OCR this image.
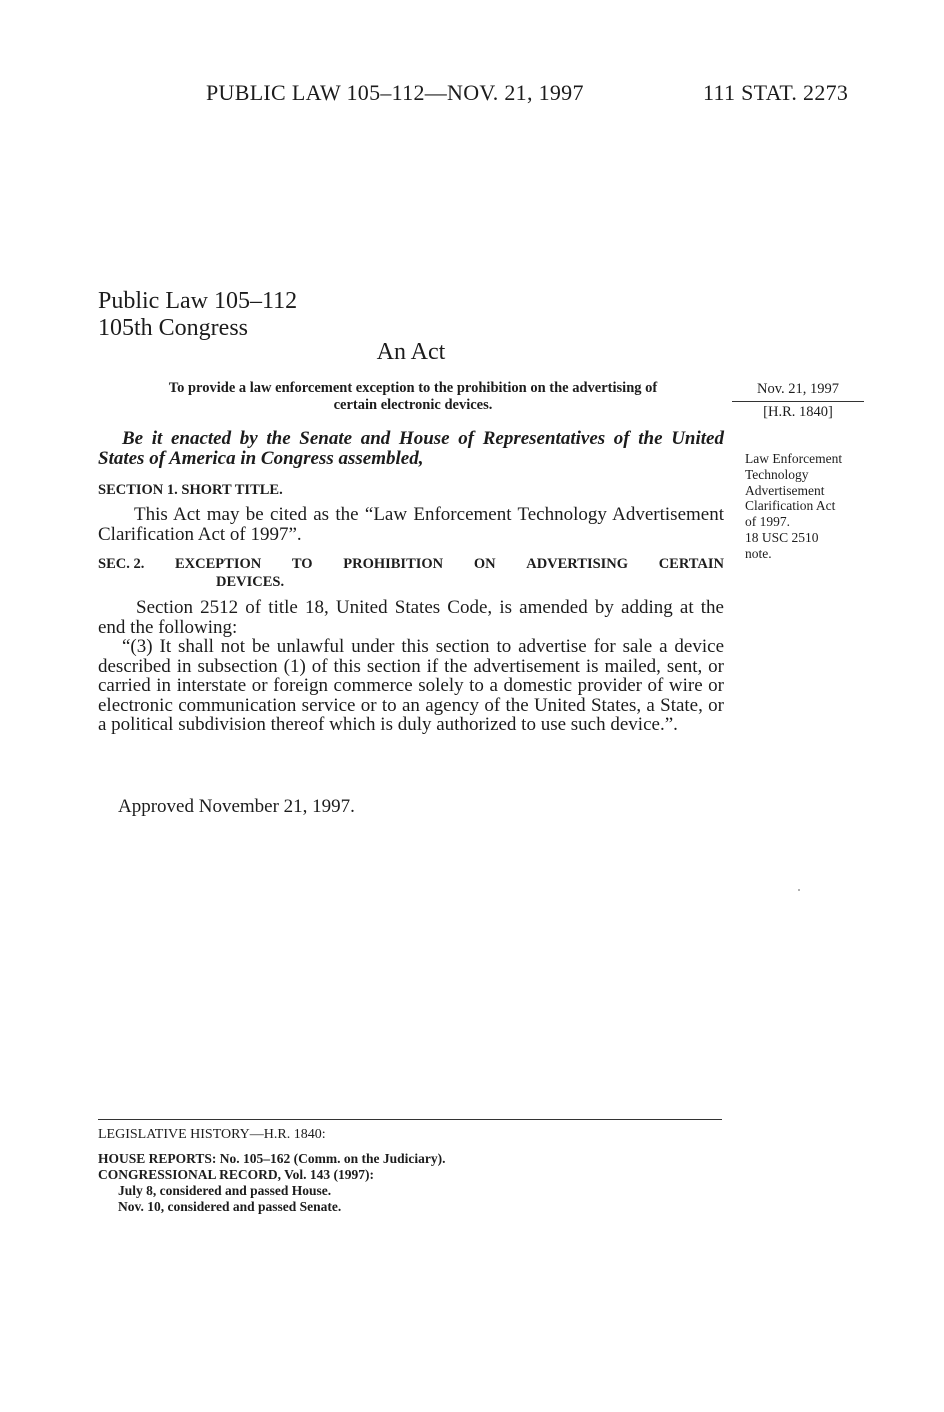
PUBLIC LAW 105–112—NOV. 21, 1997	111 STAT. 2273
Public Law 105–112
105th Congress
An Act
To provide a law enforcement exception to the prohibition on the advertising of
certain electronic devices.
Nov. 21, 1997
[H.R. 1840]
Law Enforcement
Technology
Advertisement
Clarification Act
of 1997.
18 USC 2510
note.
Be it enacted by the Senate and House of Representatives of the United States of America in Congress assembled,
SECTION 1. SHORT TITLE.
This Act may be cited as the “Law Enforcement Technology Advertisement Clarification Act of 1997”.
SEC. 2. EXCEPTION TO PROHIBITION ON ADVERTISING CERTAIN
DEVICES.
Section 2512 of title 18, United States Code, is amended by adding at the end the following:
“(3) It shall not be unlawful under this section to advertise for sale a device described in subsection (1) of this section if the advertisement is mailed, sent, or carried in interstate or foreign commerce solely to a domestic provider of wire or electronic communication service or to an agency of the United States, a State, or a political subdivision thereof which is duly authorized to use such device.”.
Approved November 21, 1997.
LEGISLATIVE HISTORY—H.R. 1840:
HOUSE REPORTS: No. 105–162 (Comm. on the Judiciary).
CONGRESSIONAL RECORD, Vol. 143 (1997):
July 8, considered and passed House.
Nov. 10, considered and passed Senate.
